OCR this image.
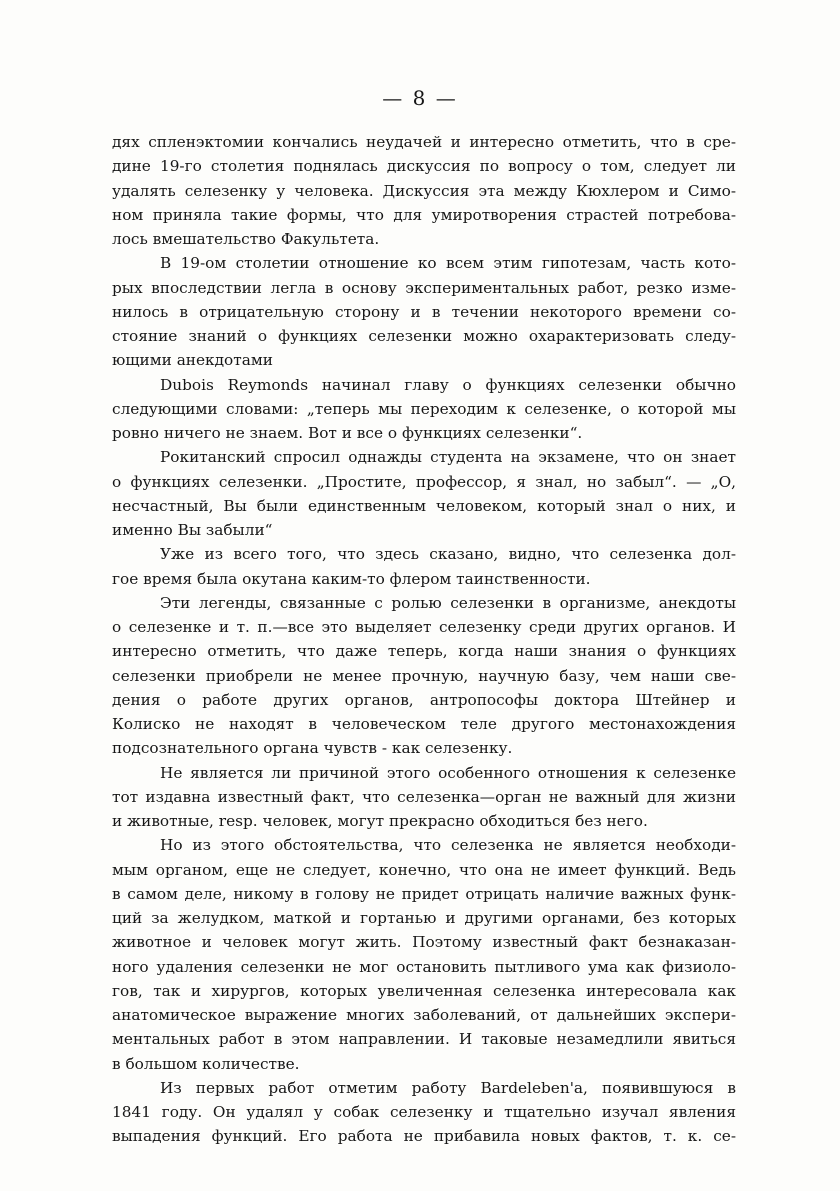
— 8 —
дях спленэктомии кончались неудачей и интересно отметить, что в сре-
дине 19-го столетия поднялась дискуссия по вопросу о том, следует ли
удалять селезенку у человека. Дискуссия эта между Кюхлером и Симо-
ном приняла такие формы, что для умиротворения страстей потребова-
лось вмешательство Факультета.
В 19-ом столетии отношение ко всем этим гипотезам, часть кото-
рых впоследствии легла в основу экспериментальных работ, резко изме-
нилось в отрицательную сторону и в течении некоторого времени со-
стояние знаний о функциях селезенки можно охарактеризовать следу-
ющими анекдотами
Dubois Reymonds начинал главу о функциях селезенки обычно
следующими словами: „теперь мы переходим к селезенке, о которой мы
ровно ничего не знаем. Вот и все о функциях селезенки“.
Рокитанский спросил однажды студента на экзамене, что он знает
о функциях селезенки. „Простите, профессор, я знал, но забыл“. — „О,
несчастный, Вы были единственным человеком, который знал о них, и
именно Вы забыли“
Уже из всего того, что здесь сказано, видно, что селезенка дол-
гое время была окутана каким-то флером таинственности.
Эти легенды, связанные с ролью селезенки в организме, анекдоты
о селезенке и т. п.—все это выделяет селезенку среди других органов. И
интересно отметить, что даже теперь, когда наши знания о функциях
селезенки приобрели не менее прочную, научную базу, чем наши све-
дения о работе других органов, антропософы доктора Штейнер и
Колиско не находят в человеческом теле другого местонахождения
подсознательного органа чувств - как селезенку.
Не является ли причиной этого особенного отношения к селезенке
тот издавна известный факт, что селезенка—орган не важный для жизни
и животные, resp. человек, могут прекрасно обходиться без него.
Но из этого обстоятельства, что селезенка не является необходи-
мым органом, еще не следует, конечно, что она не имеет функций. Ведь
в самом деле, никому в голову не придет отрицать наличие важных функ-
ций за желудком, маткой и гортанью и другими органами, без которых
животное и человек могут жить. Поэтому известный факт безнаказан-
ного удаления селезенки не мог остановить пытливого ума как физиоло-
гов, так и хирургов, которых увеличенная селезенка интересовала как
анатомическое выражение многих заболеваний, от дальнейших экспери-
ментальных работ в этом направлении. И таковые незамедлили явиться
в большом количестве.
Из первых работ отметим работу Bardeleben'а, появившуюся в
1841 году. Он удалял у собак селезенку и тщательно изучал явления
выпадения функций. Его работа не прибавила новых фактов, т. к. се-
